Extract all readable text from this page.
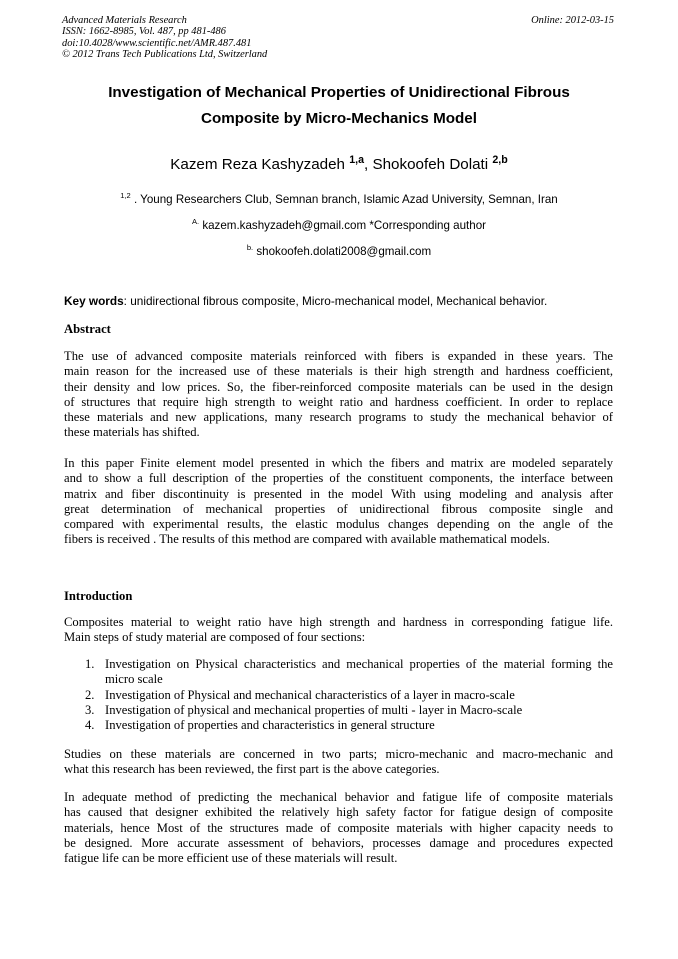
Advanced Materials Research
ISSN: 1662-8985, Vol. 487, pp 481-486
doi:10.4028/www.scientific.net/AMR.487.481
© 2012 Trans Tech Publications Ltd, Switzerland
Online: 2012-03-15
Investigation of Mechanical Properties of Unidirectional Fibrous
Composite by Micro-Mechanics Model
Kazem Reza Kashyzadeh $^{1,a}$, Shokoofeh Dolati $^{2,b}$
$^{1,2}$ . Young Researchers Club, Semnan branch, Islamic Azad University, Semnan, Iran
$^{A.}$ kazem.kashyzadeh@gmail.com *Corresponding author
$^{b.}$ shokoofeh.dolati2008@gmail.com
Key words: unidirectional fibrous composite, Micro-mechanical model, Mechanical behavior.
Abstract
The use of advanced composite materials reinforced with fibers is expanded in these years. The
main reason for the increased use of these materials is their high strength and hardness coefficient,
their density and low prices. So, the fiber-reinforced composite materials can be used in the design
of structures that require high strength to weight ratio and hardness coefficient. In order to replace
these materials and new applications, many research programs to study the mechanical behavior of
these materials has shifted.
In this paper Finite element model presented in which the fibers and matrix are modeled separately
and to show a full description of the properties of the constituent components, the interface between
matrix and fiber discontinuity is presented in the model With using modeling and analysis after
great determination of mechanical properties of unidirectional fibrous composite single and
compared with experimental results, the elastic modulus changes depending on the angle of the
fibers is received . The results of this method are compared with available mathematical models.
Introduction
Composites material to weight ratio have high strength and hardness in corresponding fatigue life.
Main steps of study material are composed of four sections:
1. Investigation on Physical characteristics and mechanical properties of the material forming the micro scale
2. Investigation of Physical and mechanical characteristics of a layer in macro-scale
3. Investigation of physical and mechanical properties of multi - layer in Macro-scale
4. Investigation of properties and characteristics in general structure
Studies on these materials are concerned in two parts; micro-mechanic and macro-mechanic and
what this research has been reviewed, the first part is the above categories.
In adequate method of predicting the mechanical behavior and fatigue life of composite materials
has caused that designer exhibited the relatively high safety factor for fatigue design of composite
materials, hence Most of the structures made of composite materials with higher capacity needs to
be designed. More accurate assessment of behaviors, processes damage and procedures expected
fatigue life can be more efficient use of these materials will result.
